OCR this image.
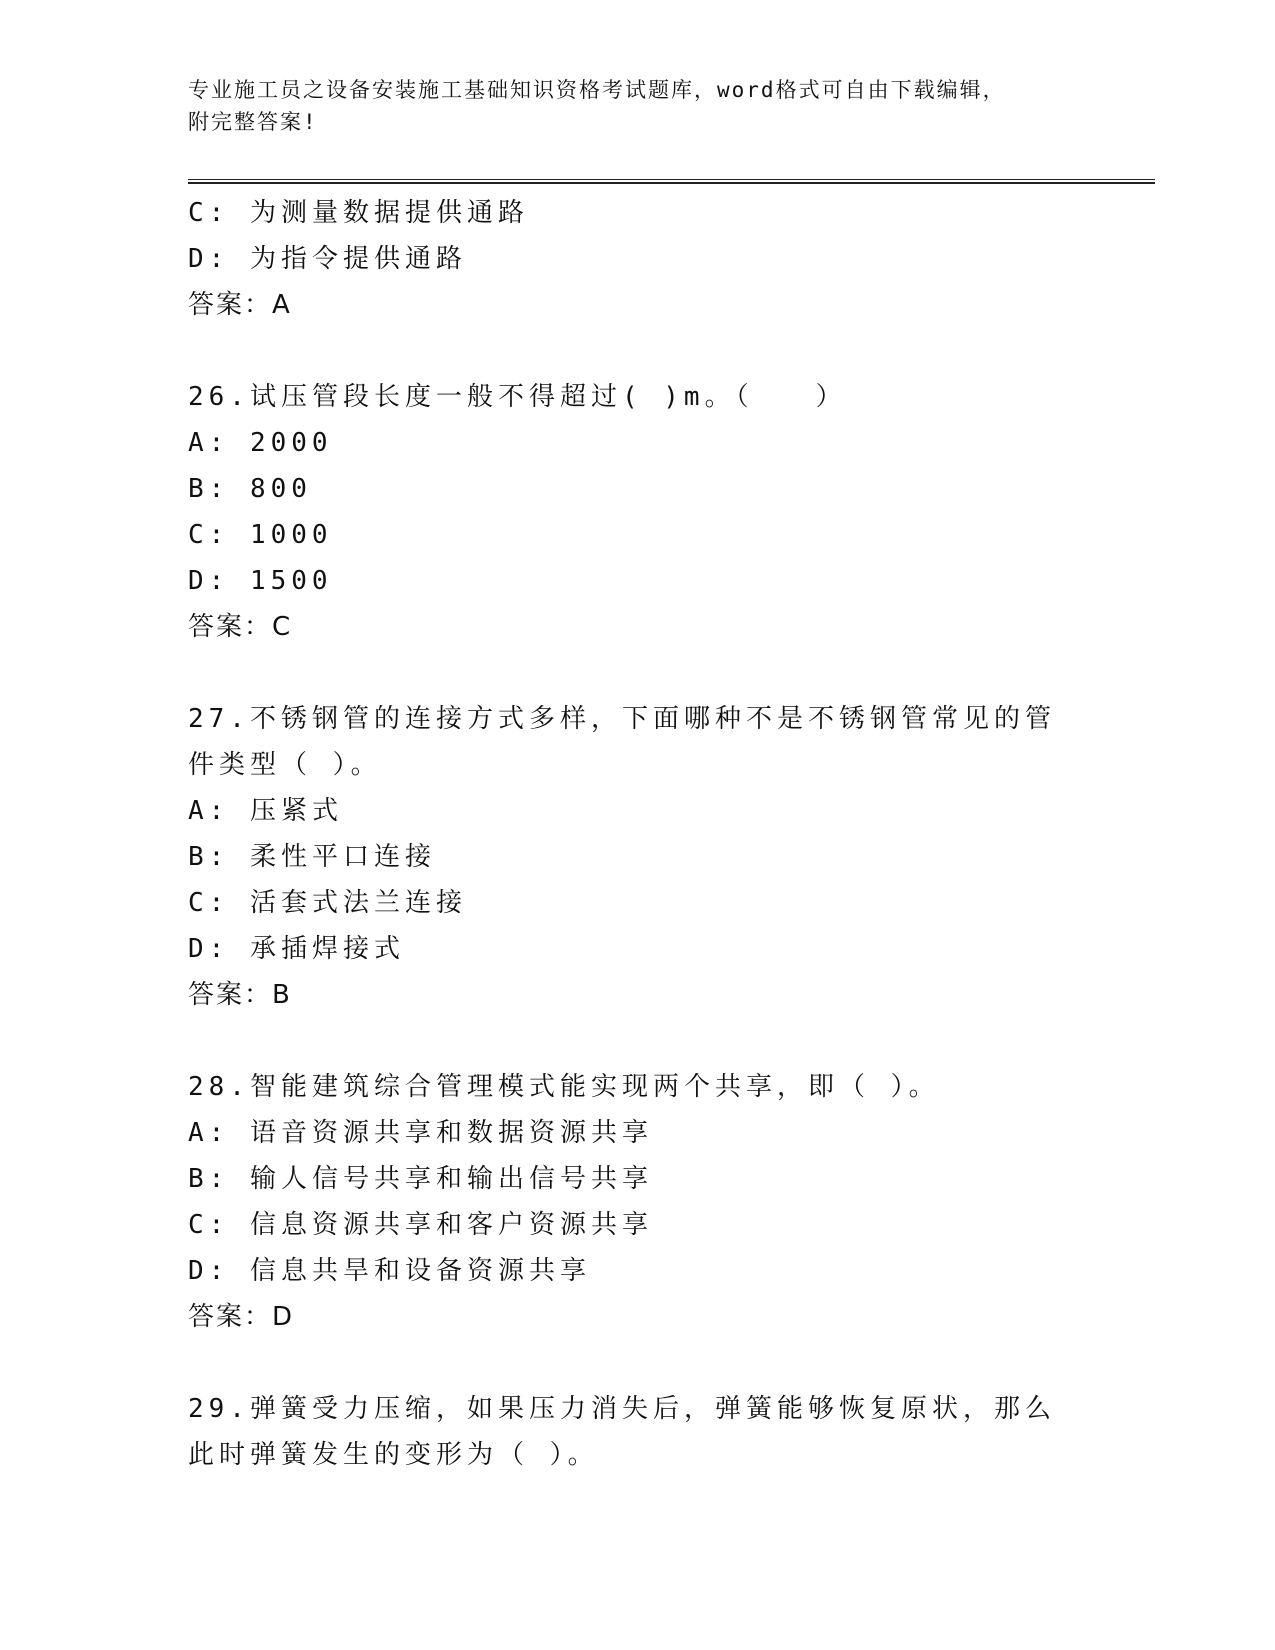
专业施工员之设备安装施工基础知识资格考试题库，word格式可自由下载编辑，
附完整答案!
C: 为测量数据提供通路
D: 为指令提供通路
答案：A
26.试压管段长度一般不得超过( )m。（　　）
A: 2000
B: 800
C: 1000
D: 1500
答案：C
27.不锈钢管的连接方式多样，下面哪种不是不锈钢管常见的管件类型（ ）。
A: 压紧式
B: 柔性平口连接
C: 活套式法兰连接
D: 承插焊接式
答案：B
28.智能建筑综合管理模式能实现两个共享，即（ ）。
A: 语音资源共享和数据资源共享
B: 输人信号共享和输出信号共享
C: 信息资源共享和客户资源共享
D: 信息共旱和设备资源共享
答案：D
29.弹簧受力压缩，如果压力消失后，弹簧能够恢复原状，那么此时弹簧发生的变形为（ ）。
